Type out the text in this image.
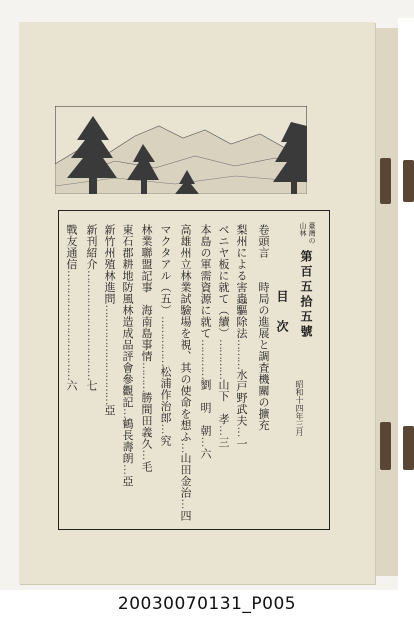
臺灣の
山林
第百五拾五號
目　次
昭和十四年三月
卷頭言　　時局の進展と調査機關の擴充
梨州による害蟲驅除法………水戸野武夫…一
ベニヤ板に就て（續）…………山下　孝…三
本島の軍需資源に就て…………劉　明　朝…六
高雄州立林業試驗場を視、其の使命を想ふ…山田金治…四
マクタアル（五）……………松浦作治郎…究
林業聯盟記事　海南島事情………勝間田義久…毛
東石郡耕地防風林造成品評會參觀記…鶴長壽朗…亞
新竹州殖林進問…………………………亞
新刊紹介……………………………七
戰友通信……………………………六
20030070131_P005
